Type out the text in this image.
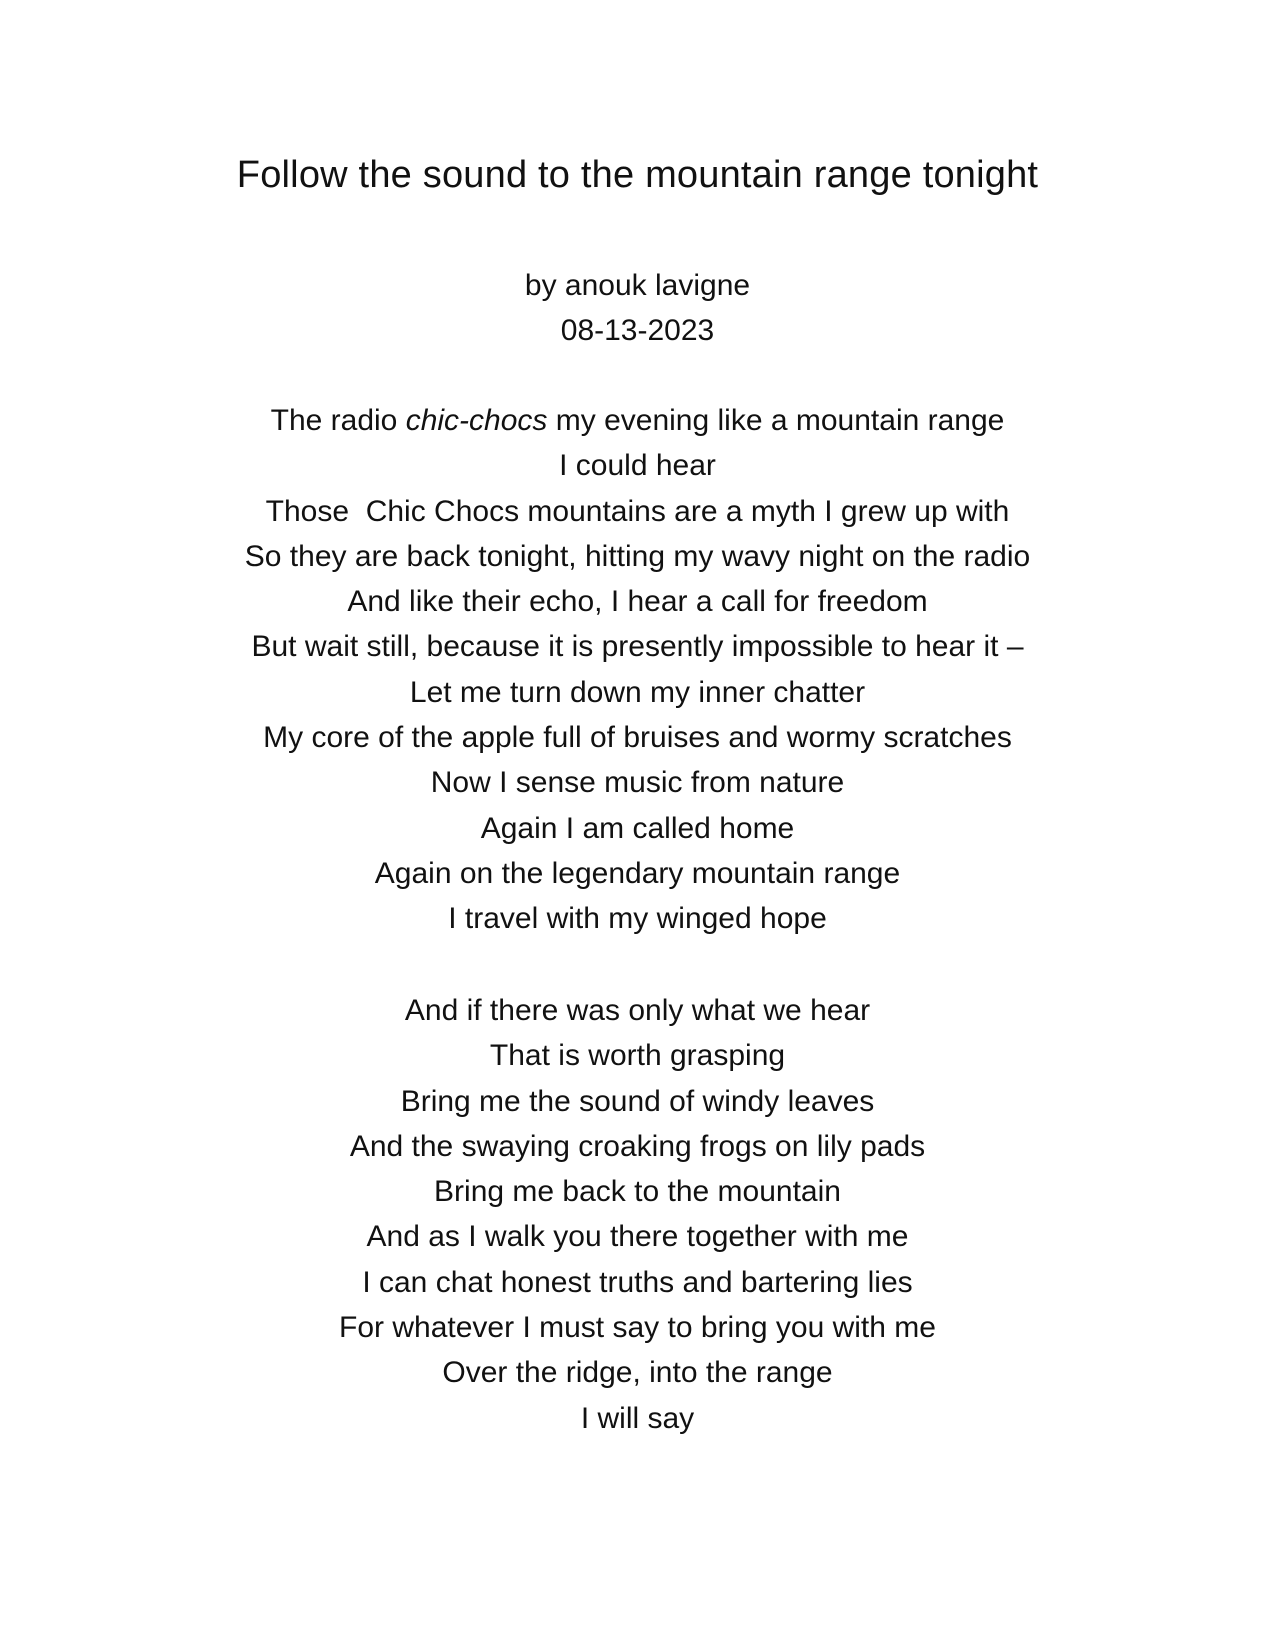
Follow the sound to the mountain range tonight
by anouk lavigne
08-13-2023
The radio chic-chocs my evening like a mountain range
I could hear
Those  Chic Chocs mountains are a myth I grew up with
So they are back tonight, hitting my wavy night on the radio
And like their echo, I hear a call for freedom
But wait still, because it is presently impossible to hear it –
Let me turn down my inner chatter
My core of the apple full of bruises and wormy scratches
Now I sense music from nature
Again I am called home
Again on the legendary mountain range
I travel with my winged hope
And if there was only what we hear
That is worth grasping
Bring me the sound of windy leaves
And the swaying croaking frogs on lily pads
Bring me back to the mountain
And as I walk you there together with me
I can chat honest truths and bartering lies
For whatever I must say to bring you with me
Over the ridge, into the range
I will say
